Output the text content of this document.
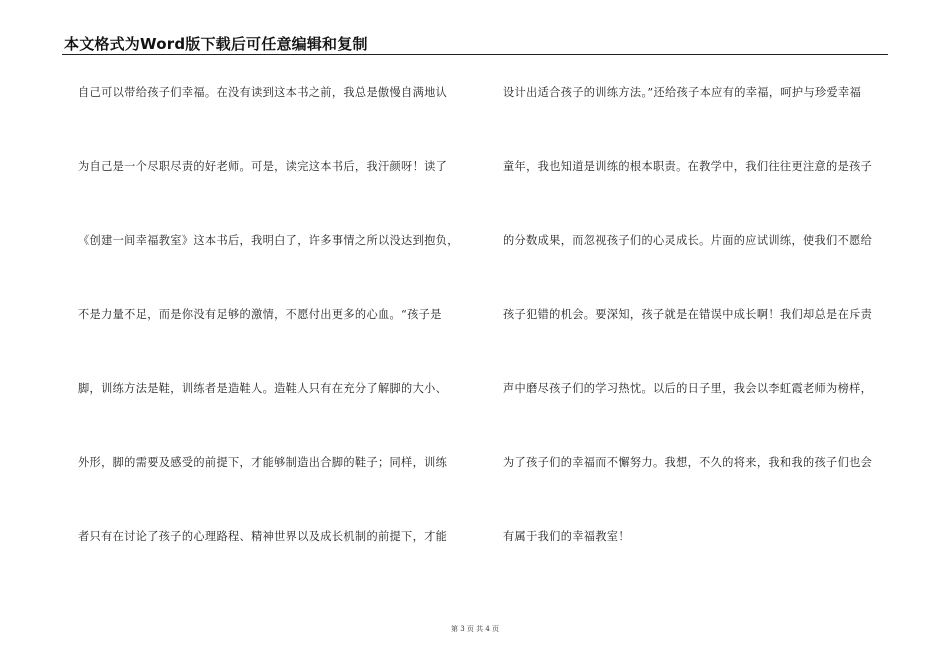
本文格式为Word版下载后可任意编辑和复制
自己可以带给孩子们幸福。在没有读到这本书之前，我总是傲慢自满地认
为自己是一个尽职尽责的好老师。可是，读完这本书后，我汗颜呀！读了
《创建一间幸福教室》这本书后，我明白了，许多事情之所以没达到抱负，
不是力量不足，而是你没有足够的激情，不愿付出更多的心血。“孩子是
脚，训练方法是鞋，训练者是造鞋人。造鞋人只有在充分了解脚的大小、
外形，脚的需要及感受的前提下，才能够制造出合脚的鞋子；同样，训练
者只有在讨论了孩子的心理路程、精神世界以及成长机制的前提下，才能
设计出适合孩子的训练方法。”还给孩子本应有的幸福，呵护与珍爱幸福
童年，我也知道是训练的根本职责。在教学中，我们往往更注意的是孩子
的分数成果，而忽视孩子们的心灵成长。片面的应试训练，使我们不愿给
孩子犯错的机会。要深知，孩子就是在错误中成长啊！我们却总是在斥责
声中磨尽孩子们的学习热忱。以后的日子里，我会以李虹霞老师为榜样，
为了孩子们的幸福而不懈努力。我想，不久的将来，我和我的孩子们也会
有属于我们的幸福教室！
第 3 页 共 4 页
